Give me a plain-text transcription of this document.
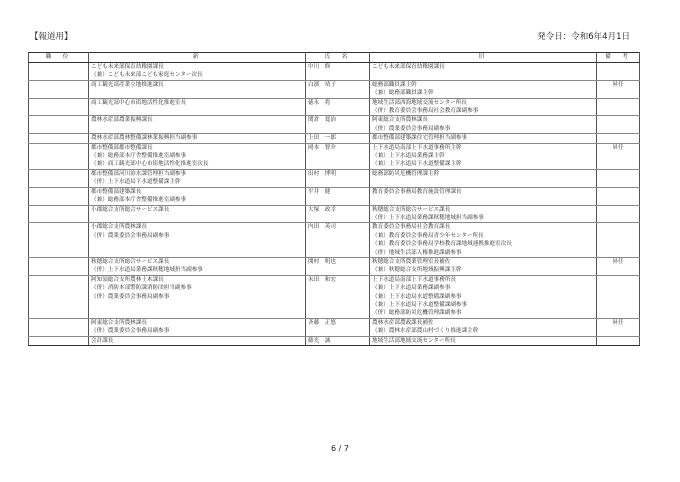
【報道用】	発令日：令和6年4月1日
職　位	新	氏　名	旧	備　考
	こども未来部保育幼稚園課長	中川　修	こども未来部保育幼稚園課長	
	（兼）こども未来部こども家庭センター次長			
	商工観光部産業立地推進課長	白濱　靖子	総務部職員課主幹	昇任
			（兼）総務部職員課主幹	
	商工観光部中心市街地活性化推進室長	徳永　将	地域生活部西海地域交流センター所長	
			（併）教育委員会事務局社会教育課副参事	
	農林水産部農業振興課長	関倉　寛治	阿東総合支所農林課長	
			（併）農業委員会事務局副参事	
	農林水産部農林整備課林業振興担当副参事	上田　一郎	都市整備部建築課住宅管理担当副参事	
	都市整備部都市整備課長	岡本　智介	上下水道局南部上下水道事務所主幹	昇任
	（兼）総務部本庁舎整備推進室副参事		（兼）上下水道局業務課主幹	
	（兼）商工観光部中心市街地活性化推進室次長		（兼）上下水道局下水道整備課主幹	
	都市整備部河川治水課管理担当副参事	田村　博明	総務部防災危機管理課主幹	
	（併）上下水道局下水道整備課主幹			
	都市整備部建築課長	平井　健	教育委員会事務局教育施設管理課長	
	（兼）総務部本庁舎整備推進室副参事			
	小郡総合支所総合サービス課長	大塚　政幸	秋穂総合支所総合サービス課長	
			（併）上下水道局業務課秋穂地域担当副参事	
	小郡総合支所農林課長	内田　英司	教育委員会事務局社会教育課長	
	（併）農業委員会事務局副参事		（兼）教育委員会事務局青少年センター所長	
			（兼）教育委員会事務局学校教育課地域連携推進室次長	
			（併）地域生活部人権推進課副参事	
	秋穂総合支所総合サービス課長	開村　明也	秋穂総合支所農業管理室長補佐	昇任
	（併）上下水道局業務課秋穂地域担当副参事		（兼）秋穂総合支所地域振興課主幹	
	阿知須総合支所農林土木課長	末田　和宏	上下水道局南部上下水道事務所長	
	（併）消防本部警防課消防団担当副参事		（兼）上下水道局業務課副参事	
	（併）農業委員会事務局副参事		（兼）上下水道局水道整備課副参事	
			（兼）上下水道局下水道整備課副参事	
			（併）総務部防災危機管理課副参事	
	阿東総合支所農林課長	斉藤　正悠	農林水産部農政課長補佐	昇任
	（併）農業委員会事務局副参事		（兼）農林水産部農山村づくり推進課主幹	
	会計課長	藤光　誠	地域生活部地域交流センター所長	
6 / 7
